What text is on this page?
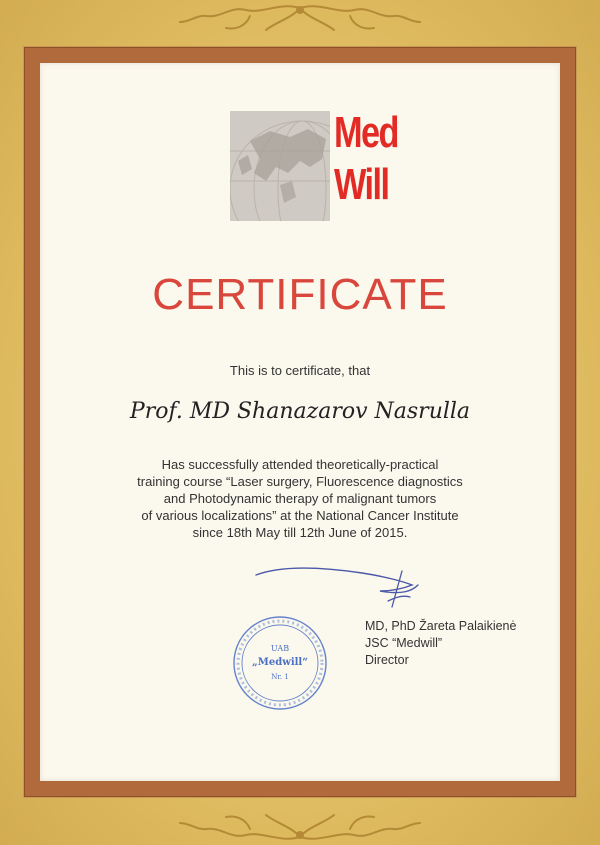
Med
Will
CERTIFICATE
This is to certificate, that
Prof. MD Shanazarov Nasrulla
Has successfully attended theoretically-practical
training course “Laser surgery, Fluorescence diagnostics
and Photodynamic therapy of malignant tumors
of various localizations” at the National Cancer Institute
since 18th May till 12th June of 2015.
UAB
„Medwill“
Nr. 1
MD, PhD Žareta Palaikienė
JSC “Medwill”
Director
